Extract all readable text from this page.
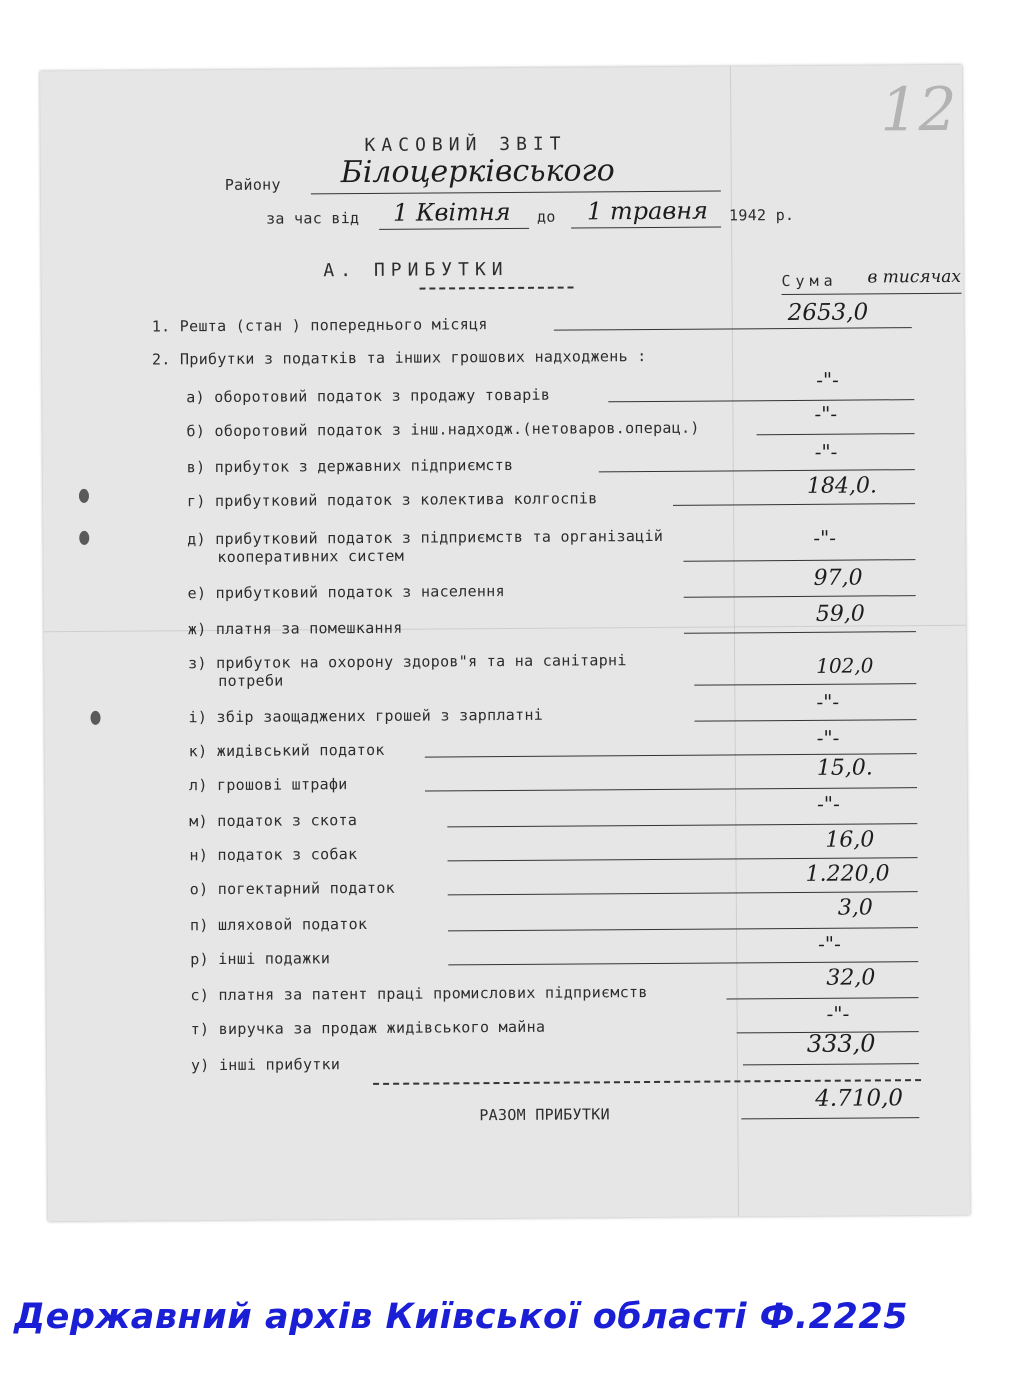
12
КАСОВИЙ ЗВІТ
Району Білоцерківського
за час від 1 Квітня до 1 травня 1942 р.
А. ПРИБУТКИ	Сума в тисячах
1. Решта (стан ) попереднього місяця	2653,0
2. Прибутки з податків та інших грошових надходжень :
а) оборотовий податок з продажу товарів
-"-
б) оборотовий податок з інш.надходж.(нетоваров.операц.)
-"-
в) прибуток з державних підприємств
-"-
г) прибутковий податок з колектива колгоспів
184,0.
д) прибутковий податок з підприємств та організацій
кооперативних систем
-"-
е) прибутковий податок з населення
97,0
ж) платня за помешкання
59,0
з) прибуток на охорону здоров"я та на санітарні
потреби
102,0
і) збір заощаджених грошей з зарплатні
-"-
к) жидівський податок
-"-
л) грошові штрафи
15,0.
м) податок з скота
-"-
н) податок з собак
16,0
о) погектарний податок
1.220,0
п) шляховой податок
3,0
р) інші подажки
-"-
с) платня за патент праці промислових підприємств
32,0
т) виручка за продаж жидівського майна
-"-
у) інші прибутки
333,0
РАЗОМ ПРИБУТКИ
4.710,0
Державний архів Київської області Ф.2225
